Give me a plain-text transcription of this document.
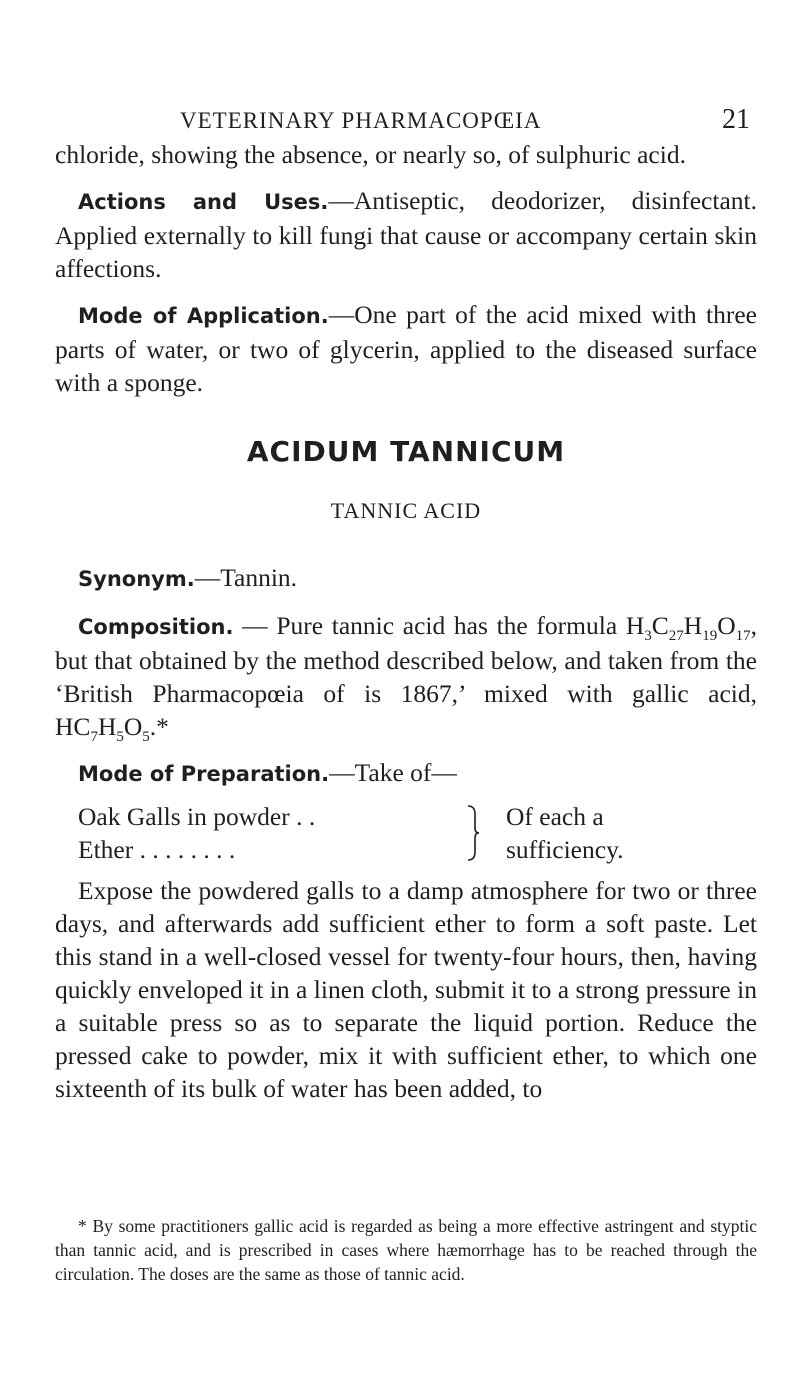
VETERINARY PHARMACOPŒIA	21

chloride, showing the absence, or nearly so, of sulphuric acid.

Actions and Uses.—Antiseptic, deodorizer, disinfectant. Applied externally to kill fungi that cause or accompany certain skin affections.

Mode of Application.—One part of the acid mixed with three parts of water, or two of glycerin, applied to the diseased surface with a sponge.

ACIDUM TANNICUM
TANNIC ACID

Synonym.—Tannin.

Composition. — Pure tannic acid has the formula $H_3C_{27}H_{19}O_{17}$, but that obtained by the method described below, and taken from the ‘British Pharmacopœia of is 1867,’ mixed with gallic acid, $HC_7H_5O_5.*$

Mode of Preparation.—Take of—

Oak Galls in powder . .
Ether . . . . . . . .
Of each a
sufficiency.

Expose the powdered galls to a damp atmosphere for two or three days, and afterwards add sufficient ether to form a soft paste. Let this stand in a well-closed vessel for twenty-four hours, then, having quickly enveloped it in a linen cloth, submit it to a strong pressure in a suitable press so as to separate the liquid portion. Reduce the pressed cake to powder, mix it with sufficient ether, to which one sixteenth of its bulk of water has been added, to

* By some practitioners gallic acid is regarded as being a more effective astringent and styptic than tannic acid, and is prescribed in cases where hæmorrhage has to be reached through the circulation. The doses are the same as those of tannic acid.
